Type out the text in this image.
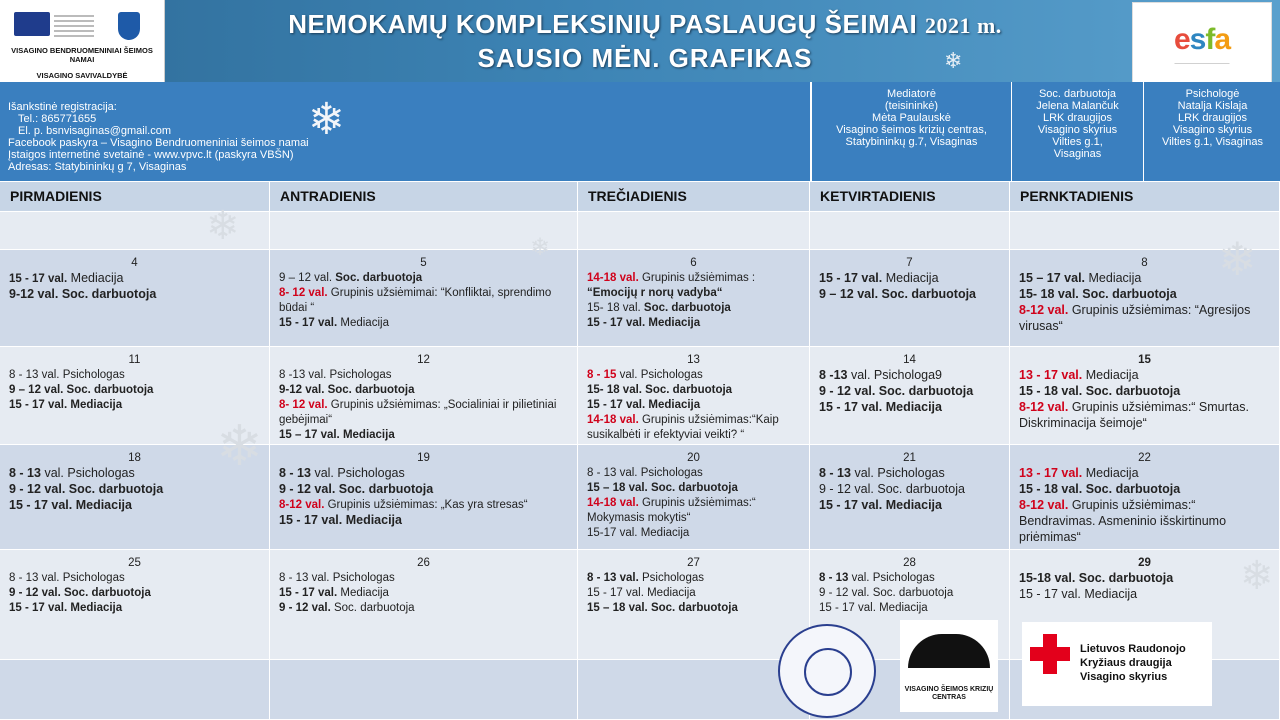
VISAGINO BENDRUOMENINIAI ŠEIMOS NAMAI
VISAGINO SAVIVALDYBĖ
NEMOKAMŲ KOMPLEKSINIŲ PASLAUGŲ ŠEIMAI 2021 m.
SAUSIO MĖN. GRAFIKAS
esfa
———————————
❄
Išankstinė registracija:
Tel.: 865771655
El. p. bsnvisaginas@gmail.com
Facebook paskyra – Visagino Bendruomeniniai šeimos namai
Įstaigos internetinė svetainė - www.vpvc.lt (paskyra VBŠN)
Adresas: Statybininkų g 7, Visaginas
❄
Mediatorė
(teisininkė)
Mėta Paulauskė
Visagino šeimos krizių centras,
Statybininkų g.7, Visaginas
Soc. darbuotoja
Jelena Malančuk
LRK draugijos
Visagino skyrius
Vilties g.1,
Visaginas
Psichologė
Natalja Kislaja
LRK draugijos
Visagino skyrius
Vilties g.1, Visaginas
PIRMADIENIS	ANTRADIENIS	TREČIADIENIS	KETVIRTADIENIS	PERNKTADIENIS
4
15 - 17 val. Mediacija
9-12 val. Soc. darbuotoja
5
9 – 12 val. Soc. darbuotoja
8- 12 val. Grupinis užsiėmimai: “Konfliktai, sprendimo būdai “
15 - 17 val. Mediacija
6
14-18 val. Grupinis užsiėmimas :
“Emocijų r norų vadyba“
15- 18 val. Soc. darbuotoja
15 - 17 val. Mediacija
7
15 - 17 val. Mediacija
9 – 12 val. Soc. darbuotoja
8
15 – 17 val. Mediacija
15- 18 val. Soc. darbuotoja
8-12 val. Grupinis užsiėmimas: “Agresijos virusas“
11
8 - 13 val. Psichologas
9 – 12 val. Soc. darbuotoja
15 - 17 val. Mediacija
12
8 -13 val. Psichologas
9-12 val. Soc. darbuotoja
8- 12 val. Grupinis užsiėmimas: „Socialiniai ir pilietiniai gebėjimai“
15 – 17 val. Mediacija
13
8 - 15 val. Psichologas
15- 18 val. Soc. darbuotoja
15 - 17 val. Mediacija
14-18 val. Grupinis užsiėmimas:“Kaip susikalbėti ir efektyviai veikti? “
14
8 -13 val. Psichologa9
9 - 12 val. Soc. darbuotoja
15 - 17 val. Mediacija
15
13 - 17 val. Mediacija
15 - 18 val. Soc. darbuotoja
8-12 val. Grupinis užsiėmimas:“ Smurtas. Diskriminacija šeimoje“
18
8 - 13 val. Psichologas
9 - 12 val. Soc. darbuotoja
15 - 17 val. Mediacija
19
8 - 13 val. Psichologas
9 - 12 val. Soc. darbuotoja
8-12 val. Grupinis užsiėmimas: „Kas yra stresas“
15 - 17 val. Mediacija
20
8 - 13 val. Psichologas
15 – 18 val. Soc. darbuotoja
14-18 val. Grupinis užsiėmimas:“ Mokymasis mokytis“
15-17 val. Mediacija
21
8 - 13 val. Psichologas
9 - 12 val. Soc. darbuotoja
15 - 17 val. Mediacija
22
13 - 17 val. Mediacija
15 - 18 val. Soc. darbuotoja
8-12 val. Grupinis užsiėmimas:“ Bendravimas. Asmeninio išskirtinumo priėmimas“
25
8 - 13 val. Psichologas
9 - 12 val. Soc. darbuotoja
15 - 17 val. Mediacija
26
8 - 13 val. Psichologas
15 - 17 val. Mediacija
9 - 12 val. Soc. darbuotoja
27
8 - 13 val. Psichologas
15 - 17 val. Mediacija
15 – 18 val. Soc. darbuotoja
28
8 - 13 val. Psichologas
9 - 12 val. Soc. darbuotoja
15 - 17 val. Mediacija
29
15-18 val. Soc. darbuotoja
15 - 17 val. Mediacija
❄	❄
❄
❄
❄
VISAGINO ŠEIMOS KRIZIŲ CENTRAS
Lietuvos Raudonojo
Kryžiaus draugija
Visagino skyrius
